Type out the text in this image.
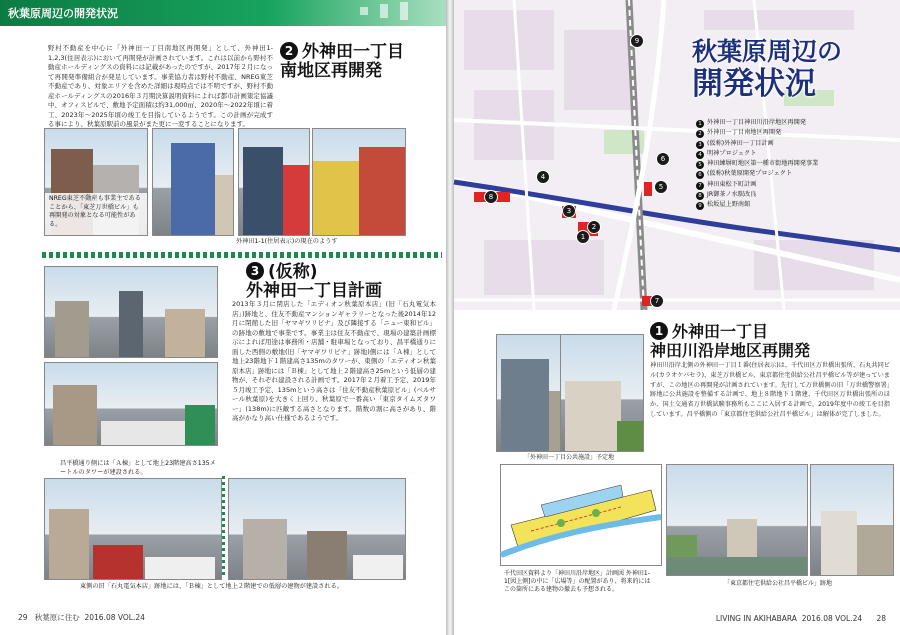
秋葉原周辺の開発状況
野村不動産を中心に「外神田一丁目南地区再開発」として、外神田1-1,2,3(住居表示)において再開発が計画されています。これは以前から野村不動産ホールディングスの資料には記載があったのですが、2017年２月になって再開発準備組合が発足しています。事業協力者は野村不動産、NREG東芝不動産であり、対象エリアを含めた詳細は現時点では不明ですが、野村不動産ホールディングスの2016年３月期決算説明資料によれば都市計画策定協議中、オフィスビルで、敷地予定面積は約31,000㎡、2020年〜2022年頃に着工、2023年〜2025年頃の竣工を目指しているようです。この計画が完成する事により、秋葉原駅前の風景がまた更に一変することになります。
2 外神田一丁目
南地区再開発
NREG東芝不動産も事業主であることから、「東芝万世橋ビル」も再開発の対象となる可能性がある。
外神田1-1(住居表示)の現在のようす
3 (仮称)
外神田一丁目計画
2013年３月に閉店した「エディオン秋葉原本店」(旧「石丸電気本店」)跡地と、住友不動産マンションギャラリーとなった後2014年12月に閉館した旧「ヤマギワリビナ」及び隣接する「ニュー東和ビル」の跡地の敷地で事業です。事業主は住友不動産で、現場の建築計画標示によれば用途は事務所・店舗・駐車場となっており、昌平橋通りに面した西側の敷地(旧「ヤマギワリビナ」跡地)側には「Ａ棟」として地上23階地下１階建高さ135mのタワーが、東側の「エディオン秋葉原本店」跡地には「Ｂ棟」として地上２階建高さ25mという低層の建物が、それぞれ建設される計画です。2017年２月着工予定、2019年５月竣工予定、135mという高さは「住友不動産秋葉原ビル」(ベルサール秋葉原)を大きく上回り、秋葉原で一番高い「東京タイムズタワー」(138m)に匹敵する高さとなります。階数の割に高さがあり、階高がかなり高い仕様であるようです。
昌平橋通り側には「Ａ棟」として地上23階建高さ135メートルのタワーが建設される。
東側の旧「石丸電気本店」跡地には、「Ｂ棟」として地上２階建での低層の建物が建設される。
29 秋葉原に住む 2016.08 VOL.24
8
3
1
2
4
5
6
7
9 秋葉原周辺の
開発状況
1 外神田一丁目神田川沿岸地区再開発
2 外神田一丁目南地区再開発
3 (仮称)外神田一丁目計画
4 明神プロジェクト
5 神田練塀町地区第一種市街地再開発事業
6 (仮称)秋葉原開発プロジェクト
7 神田東松下町計画
8 JR御茶ノ水駅改良
9 松坂屋上野南館
「外神田一丁目公共施設」予定地
1 外神田一丁目
神田川沿岸地区再開発
神田川沿岸北側の外神田一丁目１番(住居表示)は、千代田区万世橋出張所、石丸共同ビル(カラオケパセラ)、東芝万世橋ビル、東京都住宅供給公社昌平橋ビル等が建っていますが、この地区の再開発が計画されています。先行して万世橋側の旧「万世橋警察署」跡地に公共施設を整備する計画で、地上８階地下１階建、千代田区万世橋出張所のほか、国土交通省万世橋試験事務所もここに入居する計画で、2019年度中の竣工を目指しています。昌平橋側の「東京都住宅供給公社昌平橋ビル」は解体が完了しました。
千代田区資料より「神田川沿岸地区」計画図 外神田1-1[図上側]の中に「広場等」の配置があり、将来的にはこの箇所にある建物の撤去も予想される。
「東京都住宅供給公社昌平橋ビル」跡地
LIVING IN AKIHABARA 2016.08 VOL.24 28
